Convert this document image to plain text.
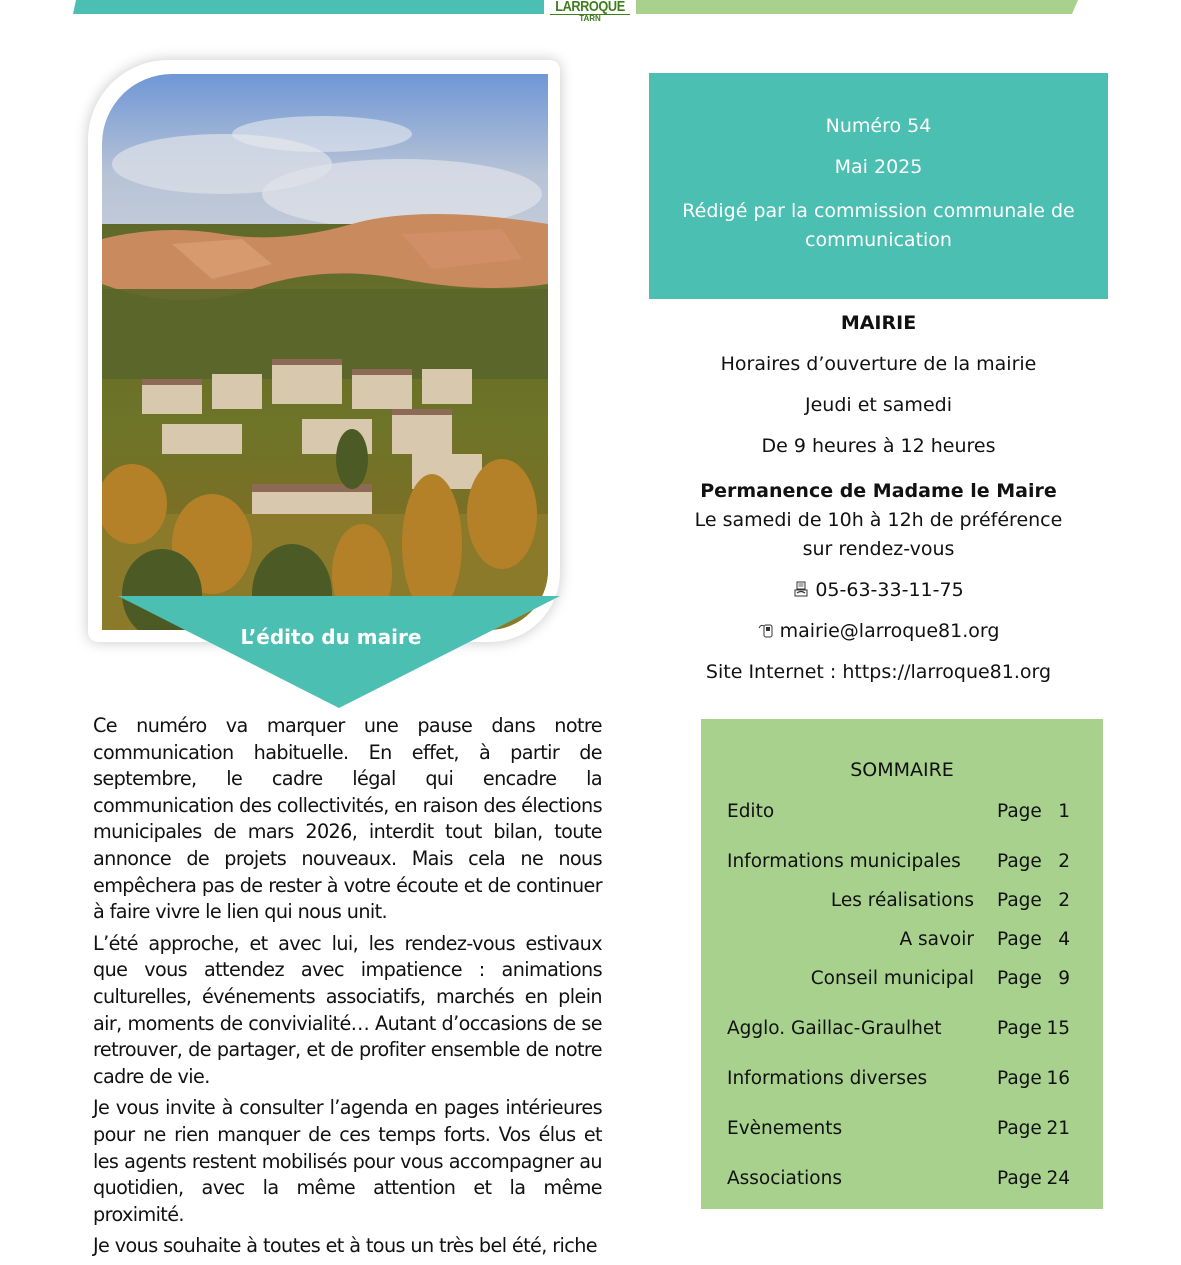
LARROQUE
TARN
L’édito du maire

Ce numéro va marquer une pause dans notre communication habituelle. En effet, à partir de septembre, le cadre légal qui encadre la communication des collectivités, en raison des élections municipales de mars 2026, interdit tout bilan, toute annonce de projets nouveaux. Mais cela ne nous empêchera pas de rester à votre écoute et de continuer à faire vivre le lien qui nous unit.

L’été approche, et avec lui, les rendez-vous estivaux que vous attendez avec impatience : animations culturelles, événements associatifs, marchés en plein air, moments de convivialité… Autant d’occasions de se retrouver, de partager, et de profiter ensemble de notre cadre de vie.

Je vous invite à consulter l’agenda en pages intérieures pour ne rien manquer de ces temps forts. Vos élus et les agents restent mobilisés pour vous accompagner au quotidien, avec la même attention et la même proximité.

Je vous souhaite à toutes et à tous un très bel été, riche

Numéro 54
Mai 2025
Rédigé par la commission communale de communication
MAIRIE
Horaires d’ouverture de la mairie
Jeudi et samedi
De 9 heures à 12 heures
Permanence de Madame le Maire
Le samedi de 10h à 12h de préférence
sur rendez-vous
05-63-33-11-75
mairie@larroque81.org
Site Internet : https://larroque81.org
SOMMAIRE
Edito	Page 1
Informations municipales Page 2
Les réalisations Page 2
A savoir Page 4
Conseil municipal Page 9
Agglo. Gaillac-Graulhet	Page 15
Informations diverses	Page 16
Evènements	Page 21
Associations	Page 24
